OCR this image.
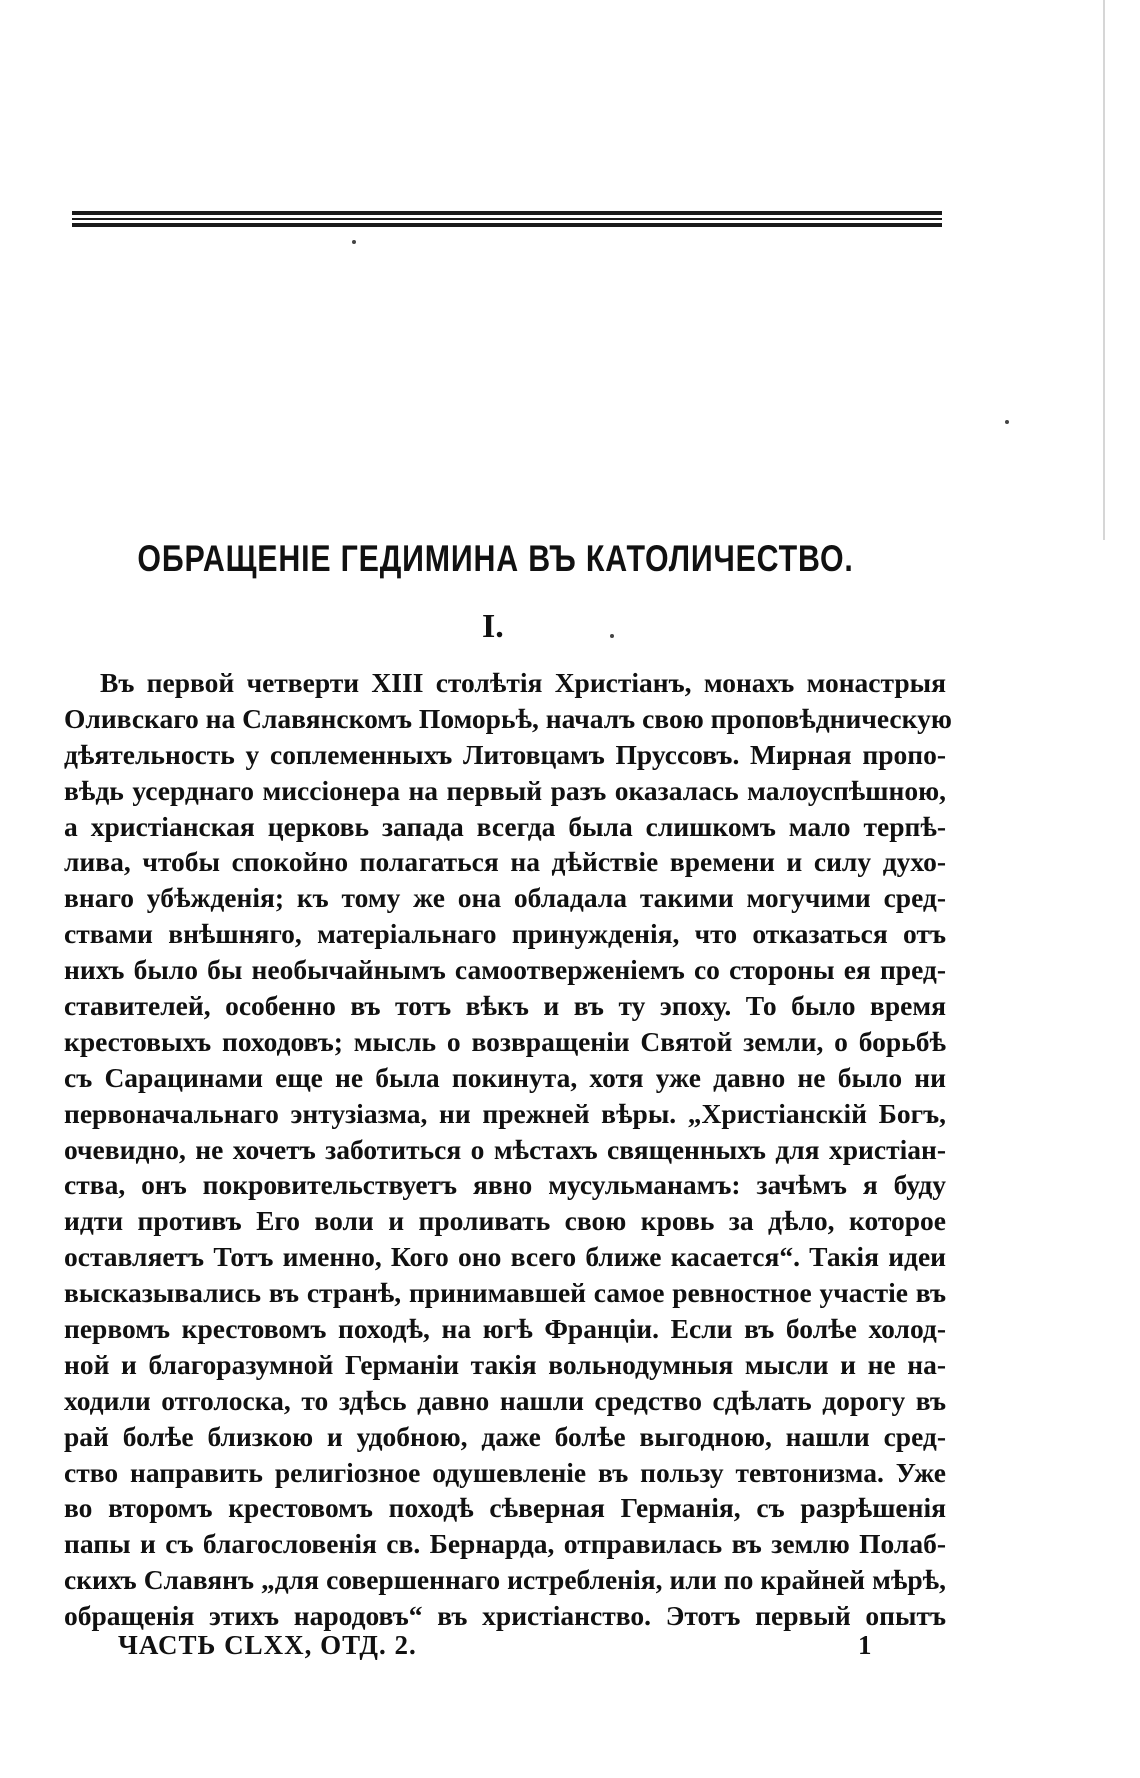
ОБРАЩЕНІЕ ГЕДИМИНА ВЪ КАТОЛИЧЕСТВО.
I.
Въ первой четверти XIII столѣтія Христіанъ, монахъ монастрыя
Оливскаго на Славянскомъ Поморьѣ, началъ свою проповѣдническую
дѣятельность у соплеменныхъ Литовцамъ Пруссовъ. Мирная пропо-
вѣдь усерднаго миссіонера на первый разъ оказалась малоуспѣшною,
а христіанская церковь запада всегда была слишкомъ мало терпѣ-
лива, чтобы спокойно полагаться на дѣйствіе времени и силу духо-
внаго убѣжденія; къ тому же она обладала такими могучими сред-
ствами внѣшняго, матеріальнаго принужденія, что отказаться отъ
нихъ было бы необычайнымъ самоотверженіемъ со стороны ея пред-
ставителей, особенно въ тотъ вѣкъ и въ ту эпоху. То было время
крестовыхъ походовъ; мысль о возвращеніи Святой земли, о борьбѣ
съ Сарацинами еще не была покинута, хотя уже давно не было ни
первоначальнаго энтузіазма, ни прежней вѣры. „Христіанскій Богъ,
очевидно, не хочетъ заботиться о мѣстахъ священныхъ для христіан-
ства, онъ покровительствуетъ явно мусульманамъ: зачѣмъ я буду
идти противъ Его воли и проливать свою кровь за дѣло, которое
оставляетъ Тотъ именно, Кого оно всего ближе касается“. Такія идеи
высказывались въ странѣ, принимавшей самое ревностное участіе въ
первомъ крестовомъ походѣ, на югѣ Франціи. Если въ болѣе холод-
ной и благоразумной Германіи такія вольнодумныя мысли и не на-
ходили отголоска, то здѣсь давно нашли средство сдѣлать дорогу въ
рай болѣе близкою и удобною, даже болѣе выгодною, нашли сред-
ство направить религіозное одушевленіе въ пользу тевтонизма. Уже
во второмъ крестовомъ походѣ сѣверная Германія, съ разрѣшенія
папы и съ благословенія св. Бернарда, отправилась въ землю Полаб-
скихъ Славянъ „для совершеннаго истребленія, или по крайней мѣрѣ,
обращенія этихъ народовъ“ въ христіанство. Этотъ первый опытъ
ЧАСТЬ CLXX, ОТД. 2.	1
